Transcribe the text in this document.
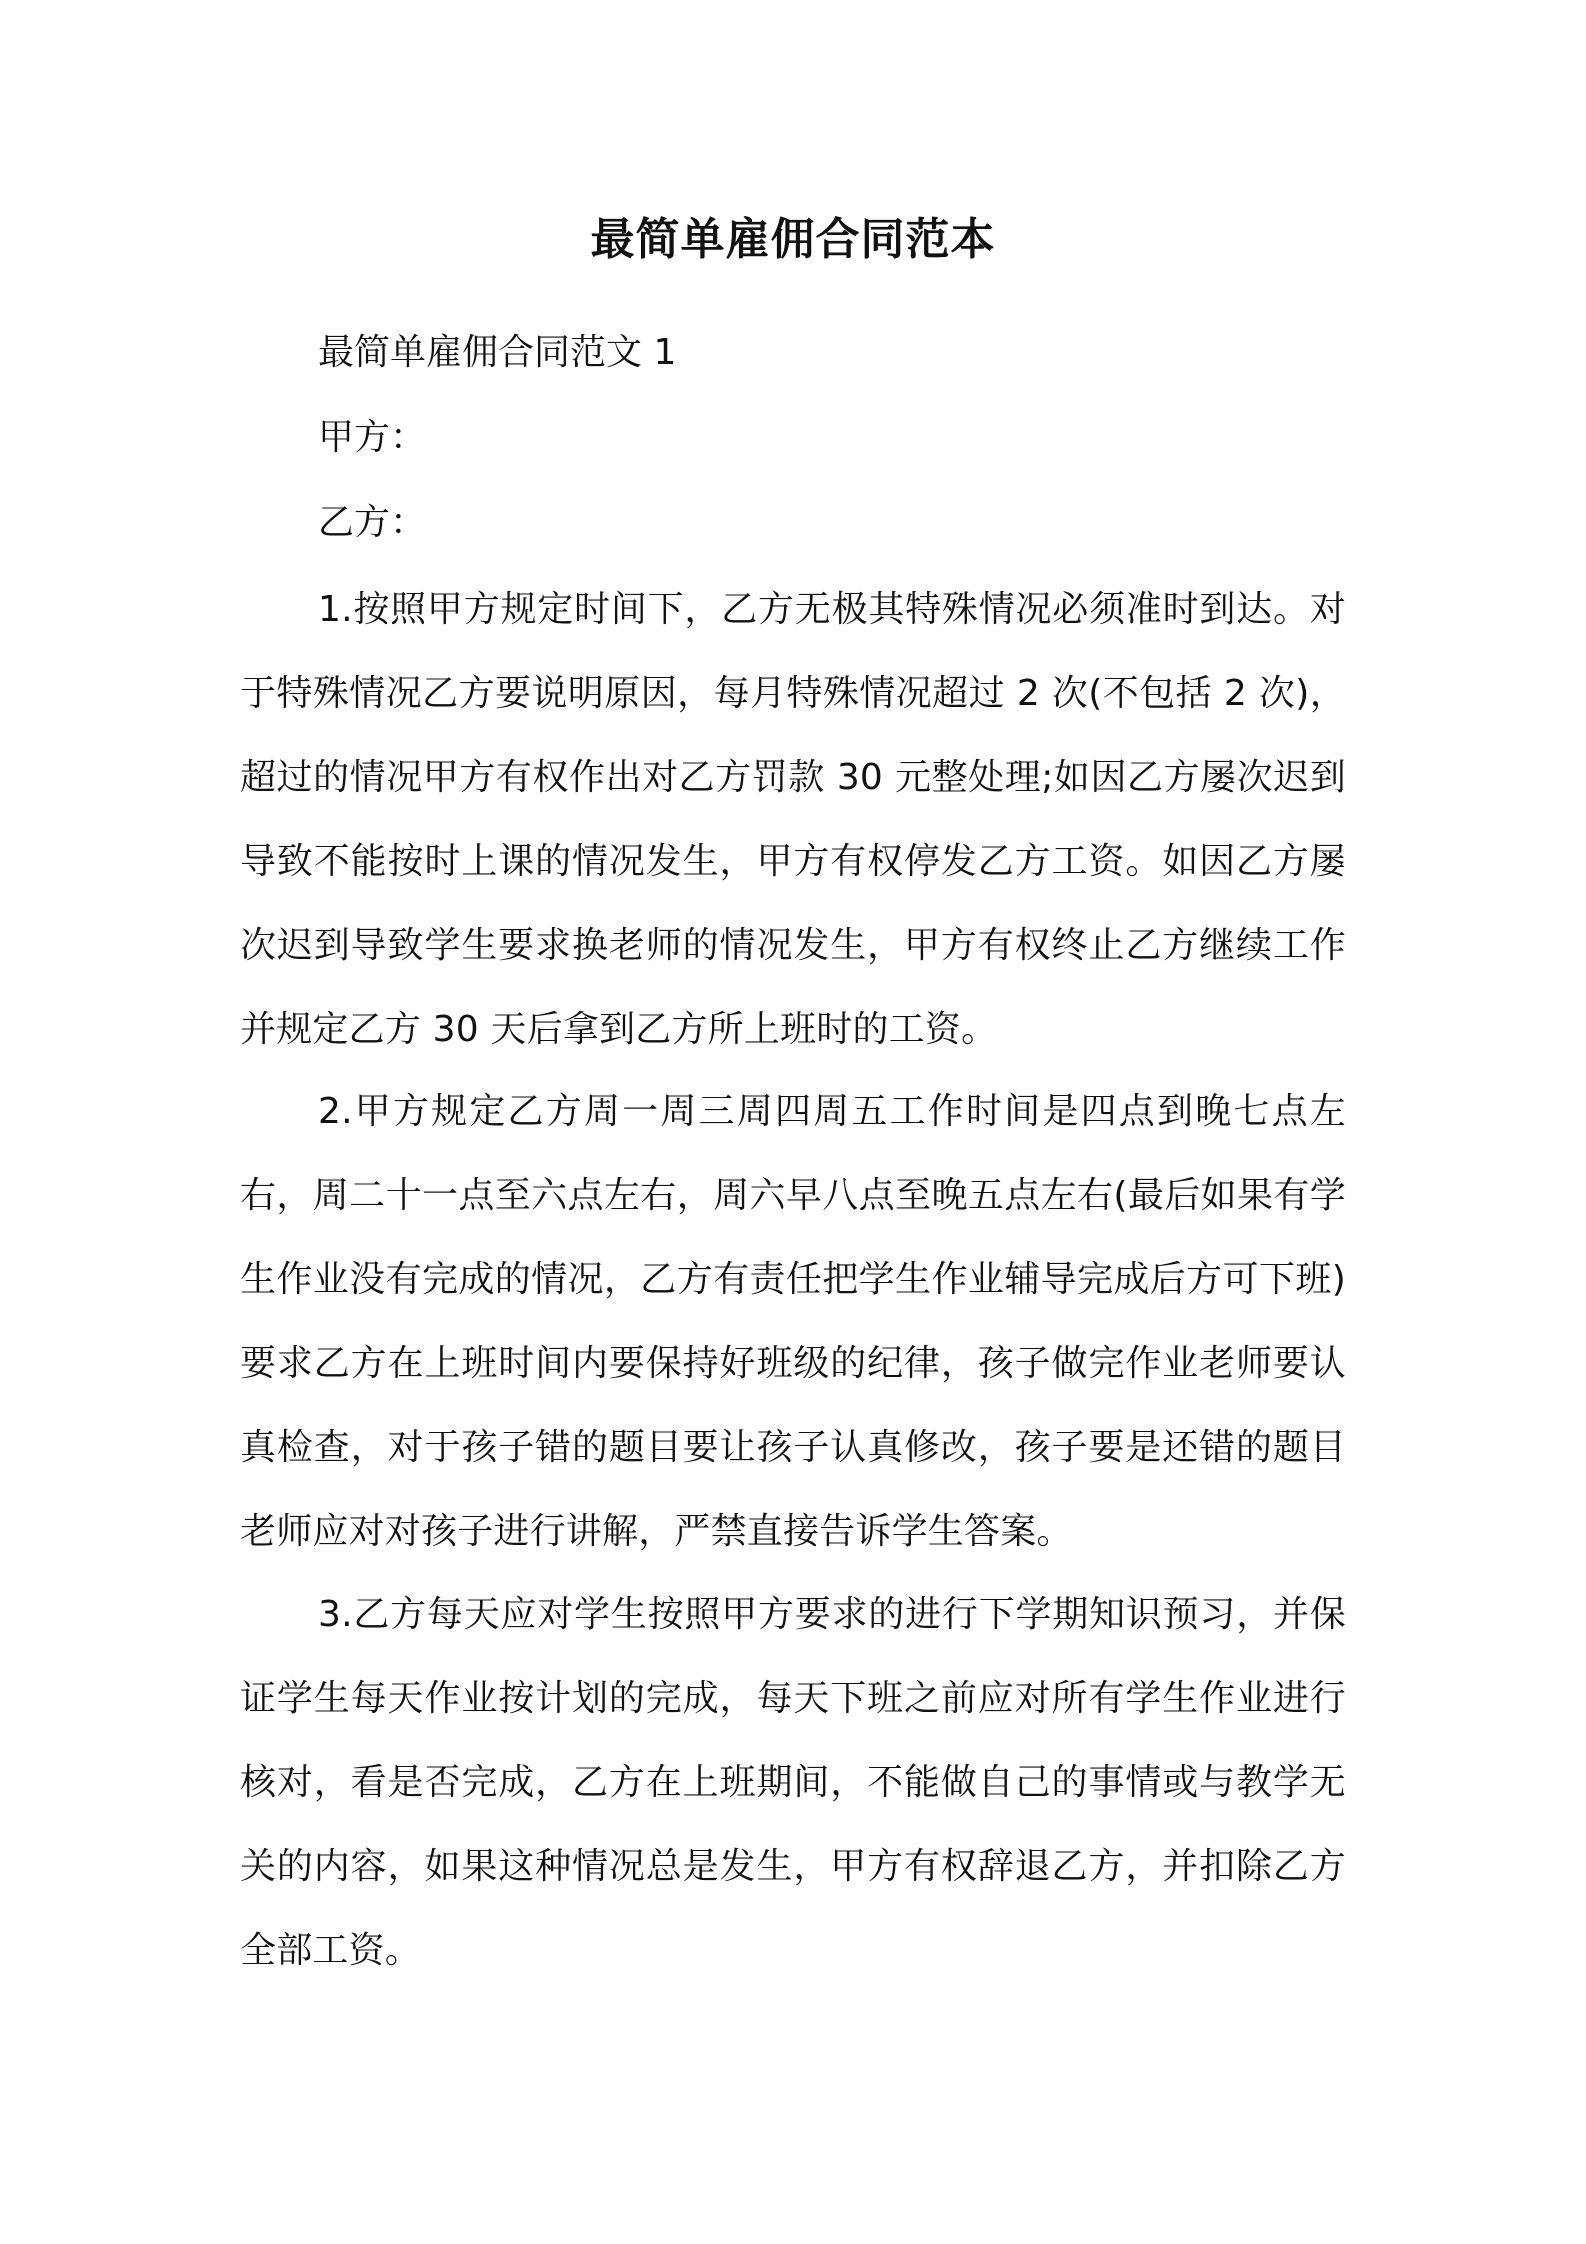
最简单雇佣合同范本

最简单雇佣合同范文 1

甲方：

乙方：

1.按照甲方规定时间下，乙方无极其特殊情况必须准时到达。对于特殊情况乙方要说明原因，每月特殊情况超过 2 次(不包括 2 次)，超过的情况甲方有权作出对乙方罚款 30 元整处理;如因乙方屡次迟到导致不能按时上课的情况发生，甲方有权停发乙方工资。如因乙方屡次迟到导致学生要求换老师的情况发生，甲方有权终止乙方继续工作并规定乙方 30 天后拿到乙方所上班时的工资。

2.甲方规定乙方周一周三周四周五工作时间是四点到晚七点左右，周二十一点至六点左右，周六早八点至晚五点左右(最后如果有学生作业没有完成的情况，乙方有责任把学生作业辅导完成后方可下班)要求乙方在上班时间内要保持好班级的纪律，孩子做完作业老师要认真检查，对于孩子错的题目要让孩子认真修改，孩子要是还错的题目老师应对对孩子进行讲解，严禁直接告诉学生答案。

3.乙方每天应对学生按照甲方要求的进行下学期知识预习，并保证学生每天作业按计划的完成，每天下班之前应对所有学生作业进行核对，看是否完成，乙方在上班期间，不能做自己的事情或与教学无关的内容，如果这种情况总是发生，甲方有权辞退乙方，并扣除乙方全部工资。
